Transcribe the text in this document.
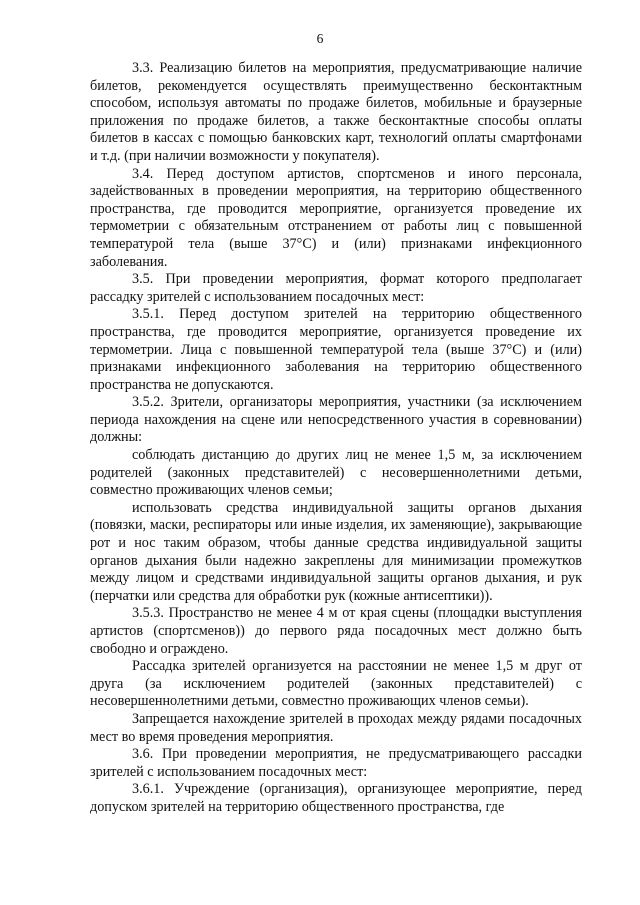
6

3.3. Реализацию билетов на мероприятия, предусматривающие наличие билетов, рекомендуется осуществлять преимущественно бесконтактным способом, используя автоматы по продаже билетов, мобильные и браузерные приложения по продаже билетов, а также бесконтактные способы оплаты билетов в кассах с помощью банковских карт, технологий оплаты смартфонами и т.д. (при наличии возможности у покупателя).

3.4. Перед доступом артистов, спортсменов и иного персонала, задействованных в проведении мероприятия, на территорию общественного пространства, где проводится мероприятие, организуется проведение их термометрии с обязательным отстранением от работы лиц с повышенной температурой тела (выше 37°С) и (или) признаками инфекционного заболевания.

3.5. При проведении мероприятия, формат которого предполагает рассадку зрителей с использованием посадочных мест:

3.5.1. Перед доступом зрителей на территорию общественного пространства, где проводится мероприятие, организуется проведение их термометрии. Лица с повышенной температурой тела (выше 37°С) и (или) признаками инфекционного заболевания на территорию общественного пространства не допускаются.

3.5.2. Зрители, организаторы мероприятия, участники (за исключением периода нахождения на сцене или непосредственного участия в соревновании) должны:

соблюдать дистанцию до других лиц не менее 1,5 м, за исключением родителей (законных представителей) с несовершеннолетними детьми, совместно проживающих членов семьи;

использовать средства индивидуальной защиты органов дыхания (повязки, маски, респираторы или иные изделия, их заменяющие), закрывающие рот и нос таким образом, чтобы данные средства индивидуальной защиты органов дыхания были надежно закреплены для минимизации промежутков между лицом и средствами индивидуальной защиты органов дыхания, и рук (перчатки или средства для обработки рук (кожные антисептики)).

3.5.3. Пространство не менее 4 м от края сцены (площадки выступления артистов (спортсменов)) до первого ряда посадочных мест должно быть свободно и ограждено.

Рассадка зрителей организуется на расстоянии не менее 1,5 м друг от друга (за исключением родителей (законных представителей) с несовершеннолетними детьми, совместно проживающих членов семьи).

Запрещается нахождение зрителей в проходах между рядами посадочных мест во время проведения мероприятия.

3.6. При проведении мероприятия, не предусматривающего рассадки зрителей с использованием посадочных мест:

3.6.1. Учреждение (организация), организующее мероприятие, перед допуском зрителей на территорию общественного пространства, где
